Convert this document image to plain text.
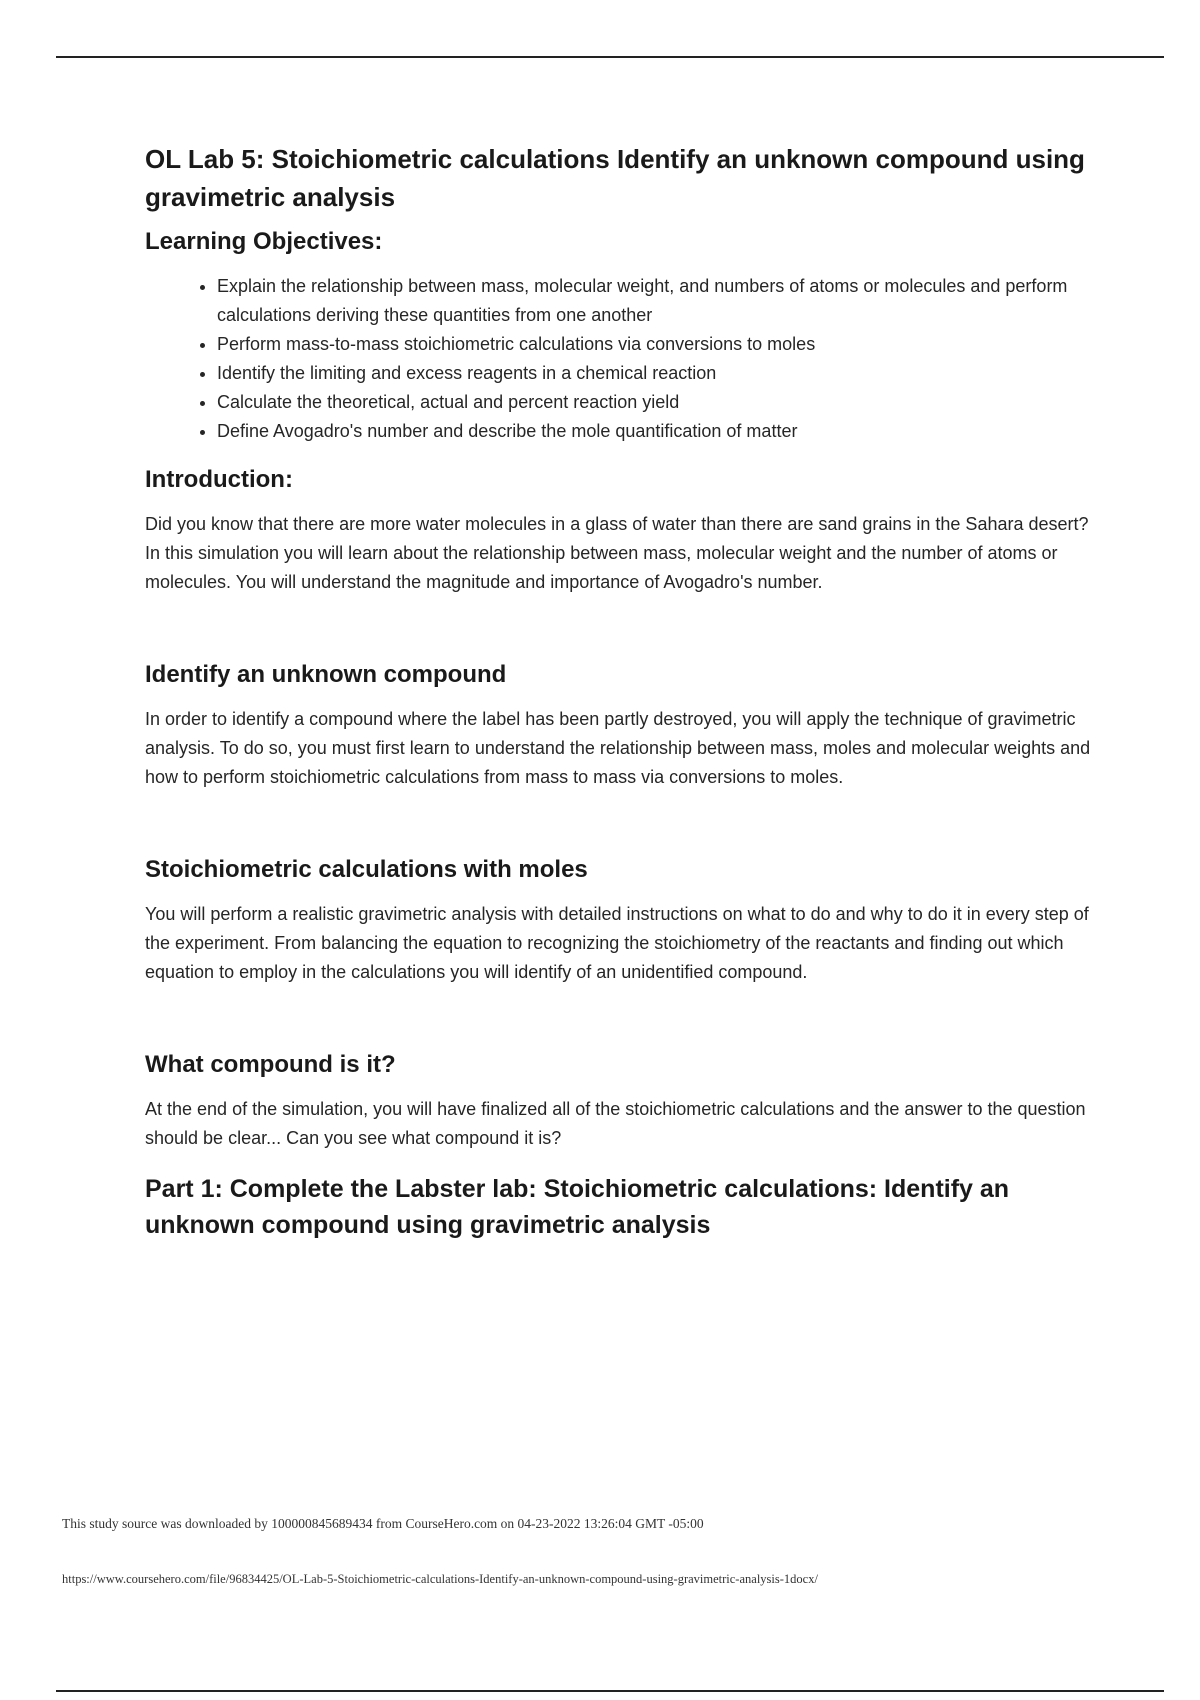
OL Lab 5: Stoichiometric calculations Identify an unknown compound using gravimetric analysis
Learning Objectives:
• Explain the relationship between mass, molecular weight, and numbers of atoms or molecules and perform calculations deriving these quantities from one another
• Perform mass-to-mass stoichiometric calculations via conversions to moles
• Identify the limiting and excess reagents in a chemical reaction
• Calculate the theoretical, actual and percent reaction yield
• Define Avogadro's number and describe the mole quantification of matter
Introduction:

Did you know that there are more water molecules in a glass of water than there are sand grains in the Sahara desert? In this simulation you will learn about the relationship between mass, molecular weight and the number of atoms or molecules. You will understand the magnitude and importance of Avogadro's number.

Identify an unknown compound

In order to identify a compound where the label has been partly destroyed, you will apply the technique of gravimetric analysis. To do so, you must first learn to understand the relationship between mass, moles and molecular weights and how to perform stoichiometric calculations from mass to mass via conversions to moles.

Stoichiometric calculations with moles

You will perform a realistic gravimetric analysis with detailed instructions on what to do and why to do it in every step of the experiment. From balancing the equation to recognizing the stoichiometry of the reactants and finding out which equation to employ in the calculations you will identify of an unidentified compound.

What compound is it?

At the end of the simulation, you will have finalized all of the stoichiometric calculations and the answer to the question should be clear... Can you see what compound it is?

Part 1: Complete the Labster lab: Stoichiometric calculations: Identify an unknown compound using gravimetric analysis
This study source was downloaded by 100000845689434 from CourseHero.com on 04-23-2022 13:26:04 GMT -05:00
https://www.coursehero.com/file/96834425/OL-Lab-5-Stoichiometric-calculations-Identify-an-unknown-compound-using-gravimetric-analysis-1docx/
